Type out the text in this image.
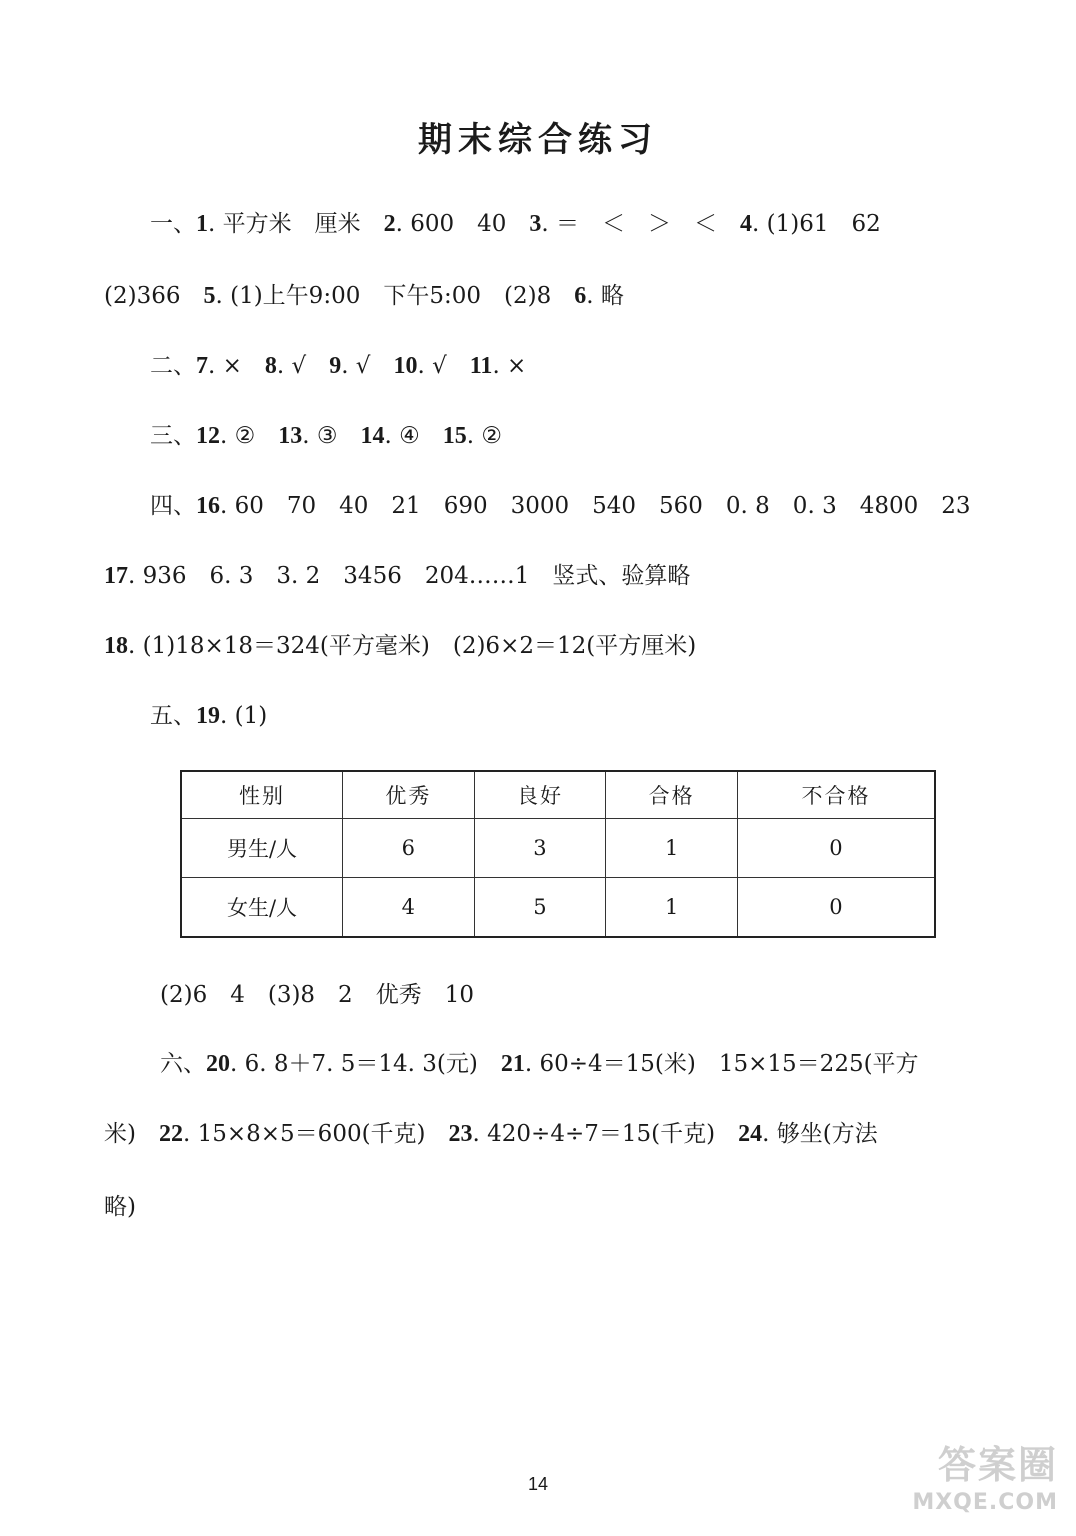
期末综合练习
一、1. 平方米　厘米　2. 600　40　3. ＝　＜　＞　＜　4. (1)61　62
(2)366　5. (1)上午9:00　下午5:00　(2)8　6. 略
二、7. ×　8. √　9. √　10. √　11. ×
三、12. ②　13. ③　14. ④　15. ②
四、16. 60　70　40　21　690　3000　540　560　0. 8　0. 3　4800　23
17. 936　6. 3　3. 2　3456　204……1　竖式、验算略
18. (1)18×18＝324(平方毫米)　(2)6×2＝12(平方厘米)
五、19. (1)
性别	优秀	良好	合格	不合格
男生/人	6	3	1	0
女生/人	4	5	1	0
(2)6　4　(3)8　2　优秀　10
六、20. 6. 8＋7. 5＝14. 3(元)　21. 60÷4＝15(米)　15×15＝225(平方
米)　22. 15×8×5＝600(千克)　23. 420÷4÷7＝15(千克)　24. 够坐(方法
略)
14	答案圈
MXQE.COM
